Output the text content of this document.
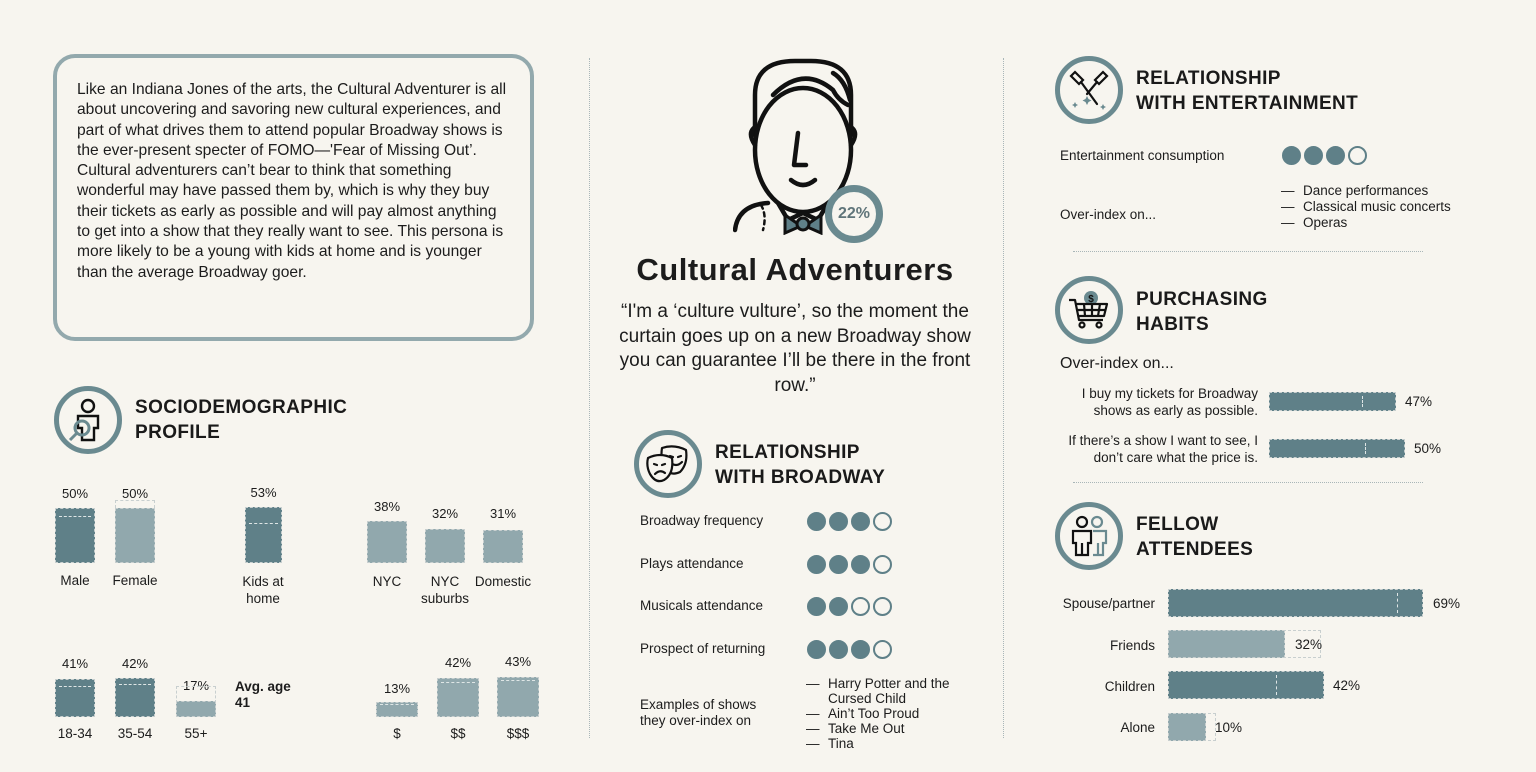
Like an Indiana Jones of the arts, the Cultural Adventurer is all about uncovering and savoring new cultural experiences, and part of what drives them to attend popular Broadway shows is the ever-present specter of FOMO—'Fear of Missing Out’. Cultural adventurers can’t bear to think that something wonderful may have passed them by, which is why they buy their tickets as early as possible and will pay almost anything to get into a show that they really want to see. This persona is more likely to be a young with kids at home and is younger than the average Broadway goer.

22%
Cultural Adventurers
“I'm a ‘culture vulture’, so the moment the curtain goes up on a new Broadway show you can guarantee I’ll be there in the front row.”
SOCIODEMOGRAPHIC
PROFILE
50%
Male
50%
Female
53%
Kids at
home
38%
NYC
32%
NYC
suburbs
31%
Domestic
41%
18-34
42%
35-54
17%
55+
Avg. age
41
13%
$
42%
$$
43%
$$$
RELATIONSHIP
WITH BROADWAY
Broadway frequency
Plays attendance
Musicals attendance
Prospect of returning
Examples of shows
they over-index on
— Harry Potter and the
Cursed Child
— Ain’t Too Proud
— Take Me Out
— Tina
RELATIONSHIP
WITH ENTERTAINMENT
Entertainment consumption
Over-index on...
— Dance performances
— Classical music concerts
— Operas
$ PURCHASING
HABITS
Over-index on...
I buy my tickets for Broadway
shows as early as possible.
47%
If there’s a show I want to see, I
don’t care what the price is.
50%
FELLOW
ATTENDEES
Spouse/partner	69%
Friends	32%
Children	42%
Alone	10%
